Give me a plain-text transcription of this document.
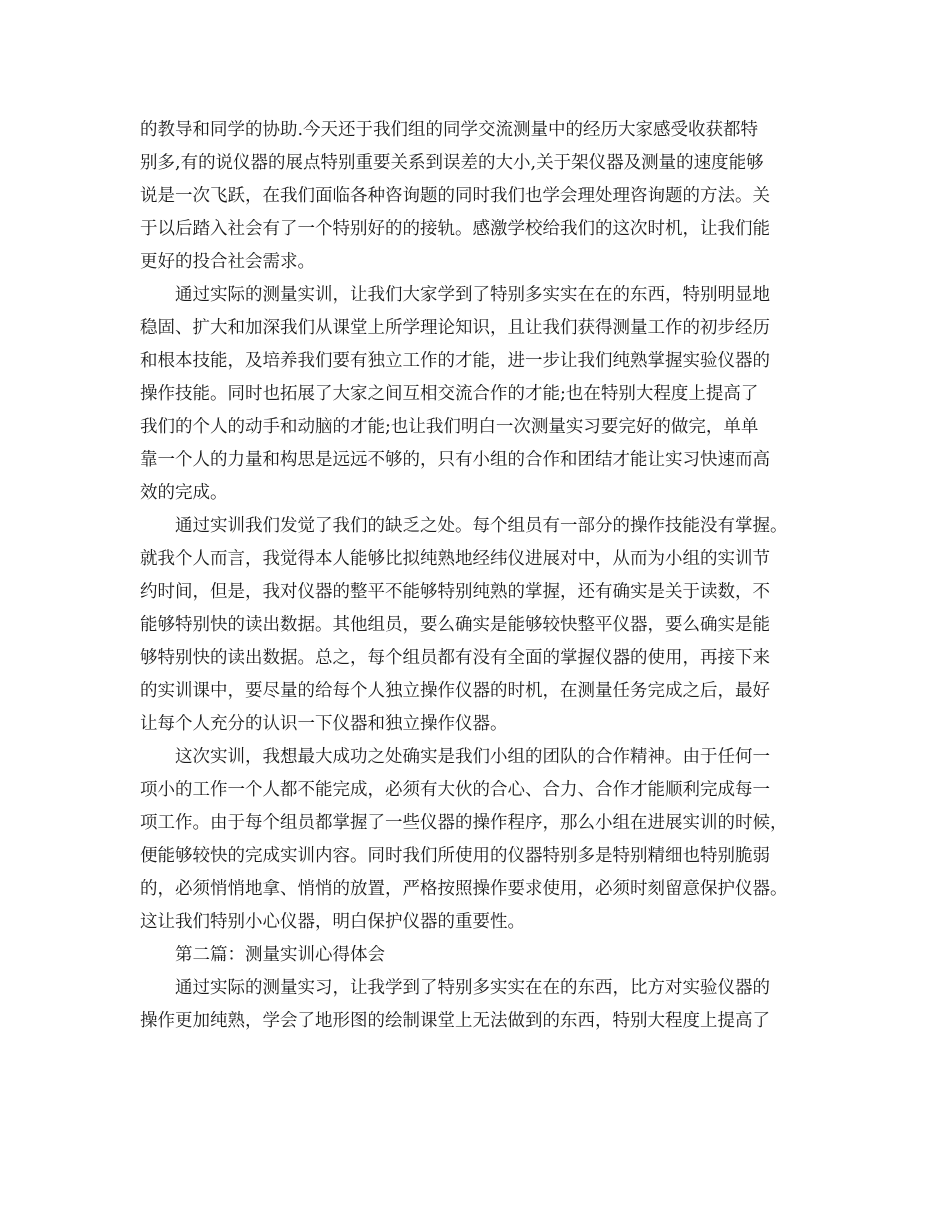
的教导和同学的协助.今天还于我们组的同学交流测量中的经历大家感受收获都特
别多,有的说仪器的展点特别重要关系到误差的大小,关于架仪器及测量的速度能够
说是一次飞跃，在我们面临各种咨询题的同时我们也学会理处理咨询题的方法。关
于以后踏入社会有了一个特别好的的接轨。感激学校给我们的这次时机，让我们能
更好的投合社会需求。
通过实际的测量实训，让我们大家学到了特别多实实在在的东西，特别明显地
稳固、扩大和加深我们从课堂上所学理论知识，且让我们获得测量工作的初步经历
和根本技能，及培养我们要有独立工作的才能，进一步让我们纯熟掌握实验仪器的
操作技能。同时也拓展了大家之间互相交流合作的才能;也在特别大程度上提高了
我们的个人的动手和动脑的才能;也让我们明白一次测量实习要完好的做完，单单
靠一个人的力量和构思是远远不够的，只有小组的合作和团结才能让实习快速而高
效的完成。
通过实训我们发觉了我们的缺乏之处。每个组员有一部分的操作技能没有掌握。
就我个人而言，我觉得本人能够比拟纯熟地经纬仪进展对中，从而为小组的实训节
约时间，但是，我对仪器的整平不能够特别纯熟的掌握，还有确实是关于读数，不
能够特别快的读出数据。其他组员，要么确实是能够较快整平仪器，要么确实是能
够特别快的读出数据。总之，每个组员都有没有全面的掌握仪器的使用，再接下来
的实训课中，要尽量的给每个人独立操作仪器的时机，在测量任务完成之后，最好
让每个人充分的认识一下仪器和独立操作仪器。
这次实训，我想最大成功之处确实是我们小组的团队的合作精神。由于任何一
项小的工作一个人都不能完成，必须有大伙的合心、合力、合作才能顺利完成每一
项工作。由于每个组员都掌握了一些仪器的操作程序，那么小组在进展实训的时候，
便能够较快的完成实训内容。同时我们所使用的仪器特别多是特别精细也特别脆弱
的，必须悄悄地拿、悄悄的放置，严格按照操作要求使用，必须时刻留意保护仪器。
这让我们特别小心仪器，明白保护仪器的重要性。
第二篇：测量实训心得体会
通过实际的测量实习，让我学到了特别多实实在在的东西，比方对实验仪器的
操作更加纯熟，学会了地形图的绘制课堂上无法做到的东西，特别大程度上提高了
